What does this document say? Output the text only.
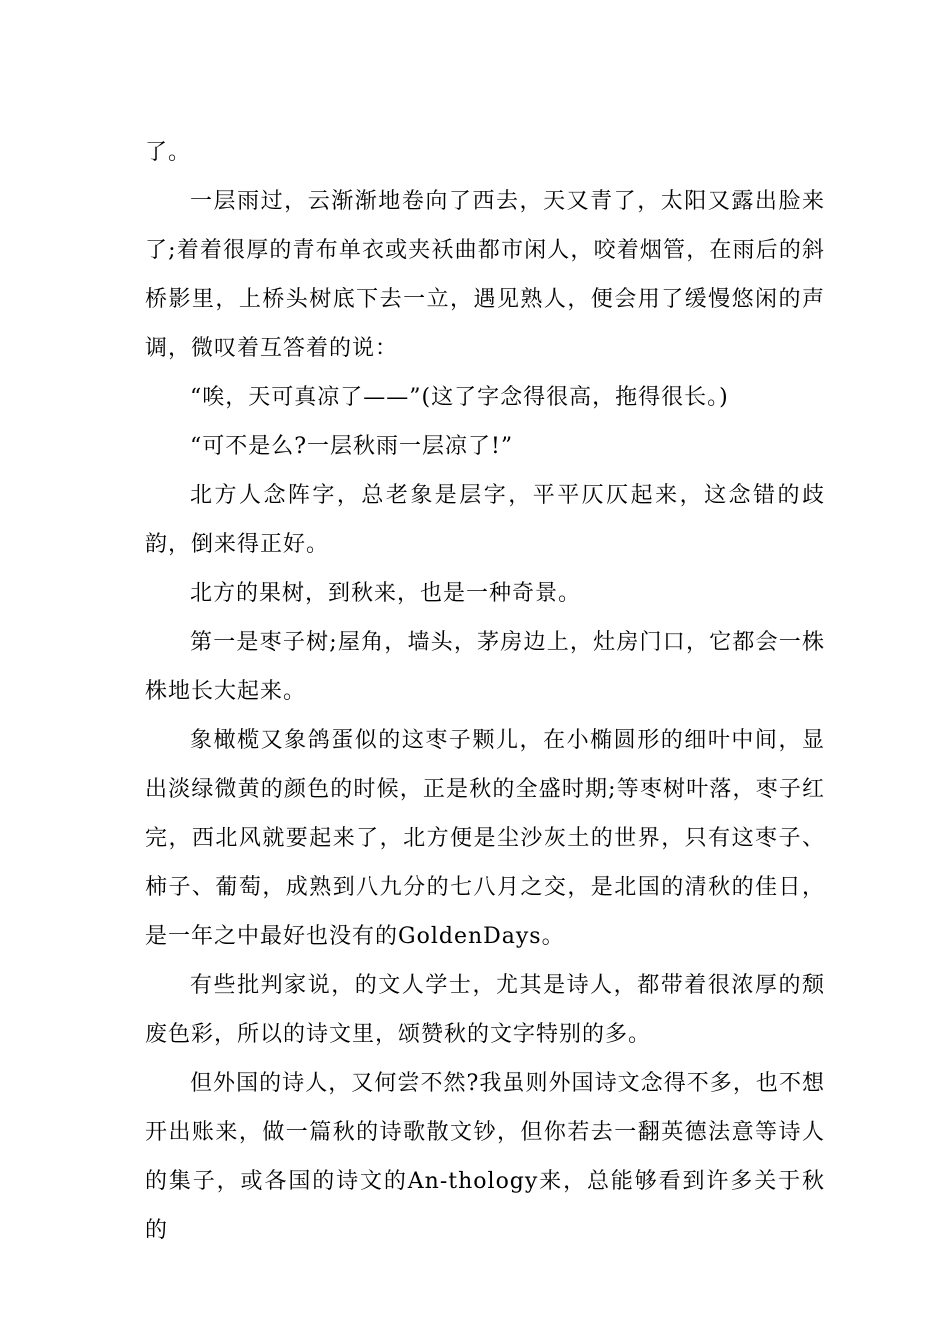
了。

一层雨过，云渐渐地卷向了西去，天又青了，太阳又露出脸来了;着着很厚的青布单衣或夹袄曲都市闲人，咬着烟管，在雨后的斜桥影里，上桥头树底下去一立，遇见熟人，便会用了缓慢悠闲的声调，微叹着互答着的说：

“唉，天可真凉了——”(这了字念得很高，拖得很长。)

“可不是么?一层秋雨一层凉了!”

北方人念阵字，总老象是层字，平平仄仄起来，这念错的歧韵，倒来得正好。

北方的果树，到秋来，也是一种奇景。

第一是枣子树;屋角，墙头，茅房边上，灶房门口，它都会一株株地长大起来。

象橄榄又象鸽蛋似的这枣子颗儿，在小椭圆形的细叶中间，显出淡绿微黄的颜色的时候，正是秋的全盛时期;等枣树叶落，枣子红完，西北风就要起来了，北方便是尘沙灰土的世界，只有这枣子、柿子、葡萄，成熟到八九分的七八月之交，是北国的清秋的佳日，是一年之中最好也没有的GoldenDays。

有些批判家说，的文人学士，尤其是诗人，都带着很浓厚的颓废色彩，所以的诗文里，颂赞秋的文字特别的多。

但外国的诗人，又何尝不然?我虽则外国诗文念得不多，也不想开出账来，做一篇秋的诗歌散文钞，但你若去一翻英德法意等诗人的集子，或各国的诗文的An-thology来，总能够看到许多关于秋的
